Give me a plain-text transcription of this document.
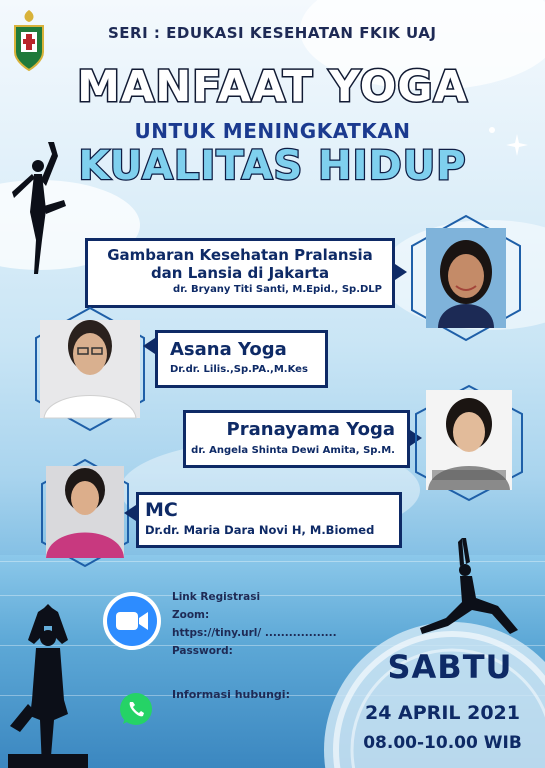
SERI : EDUKASI KESEHATAN FKIK UAJ
MANFAAT YOGA
UNTUK MENINGKATKAN
KUALITAS HIDUP
Gambaran Kesehatan Pralansia
dan Lansia di Jakarta
dr. Bryany Titi Santi, M.Epid., Sp.DLP
Asana Yoga
Dr.dr. Lilis.,Sp.PA.,M.Kes
Pranayama Yoga
dr. Angela Shinta Dewi Amita, Sp.M.
MC
Dr.dr. Maria Dara Novi H, M.Biomed
Link Registrasi
Zoom:
https://tiny.url/ ..................
Password:
Informasi hubungi:
SABTU
24 APRIL 2021
08.00-10.00 WIB
